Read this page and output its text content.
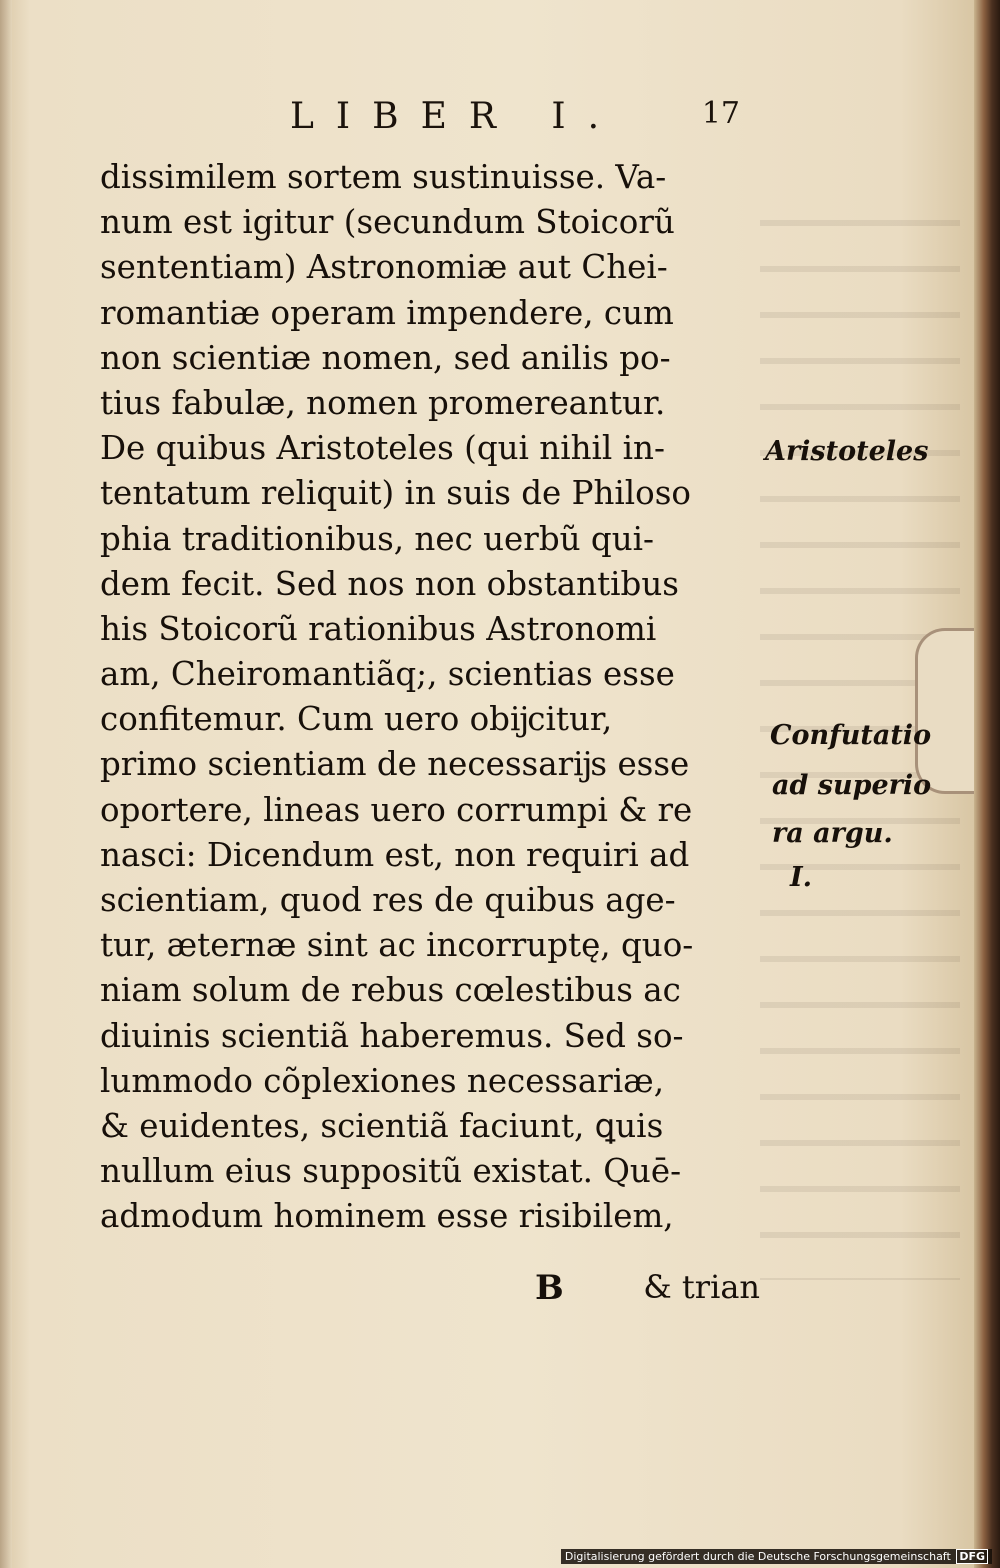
LIBER I.	17
dissimilem sortem sustinuisse. Va-
num est igitur (secundum Stoicorũ
sententiam) Astronomiæ aut Chei-
romantiæ operam impendere, cum
non scientiæ nomen, sed anilis po-
tius fabulæ, nomen promereantur.
De quibus Aristoteles (qui nihil in-
tentatum reliquit) in suis de Philoso
phia traditionibus, nec uerbũ qui-
dem fecit. Sed nos non obstantibus
his Stoicorũ rationibus Astronomi
am, Cheiromantiãq;, scientias esse
confitemur. Cum uero obĳcitur,
primo scientiam de necessarĳs esse
oportere, lineas uero corrumpi & re
nasci: Dicendum est, non requiri ad
scientiam, quod res de quibus age-
tur, æternæ sint ac incorruptę, quo-
niam solum de rebus cœlestibus ac
diuinis scientiã haberemus. Sed so-
lummodo cõplexiones necessariæ,
& euidentes, scientiã faciunt, ꝗuis
nullum eius suppositũ existat. Quē-
admodum hominem esse risibilem,
B & trian
Aristoteles
Confutatio
ad superio
ra argu.
I.
Digitalisierung gefördert durch die Deutsche Forschungsgemeinschaft DFG
